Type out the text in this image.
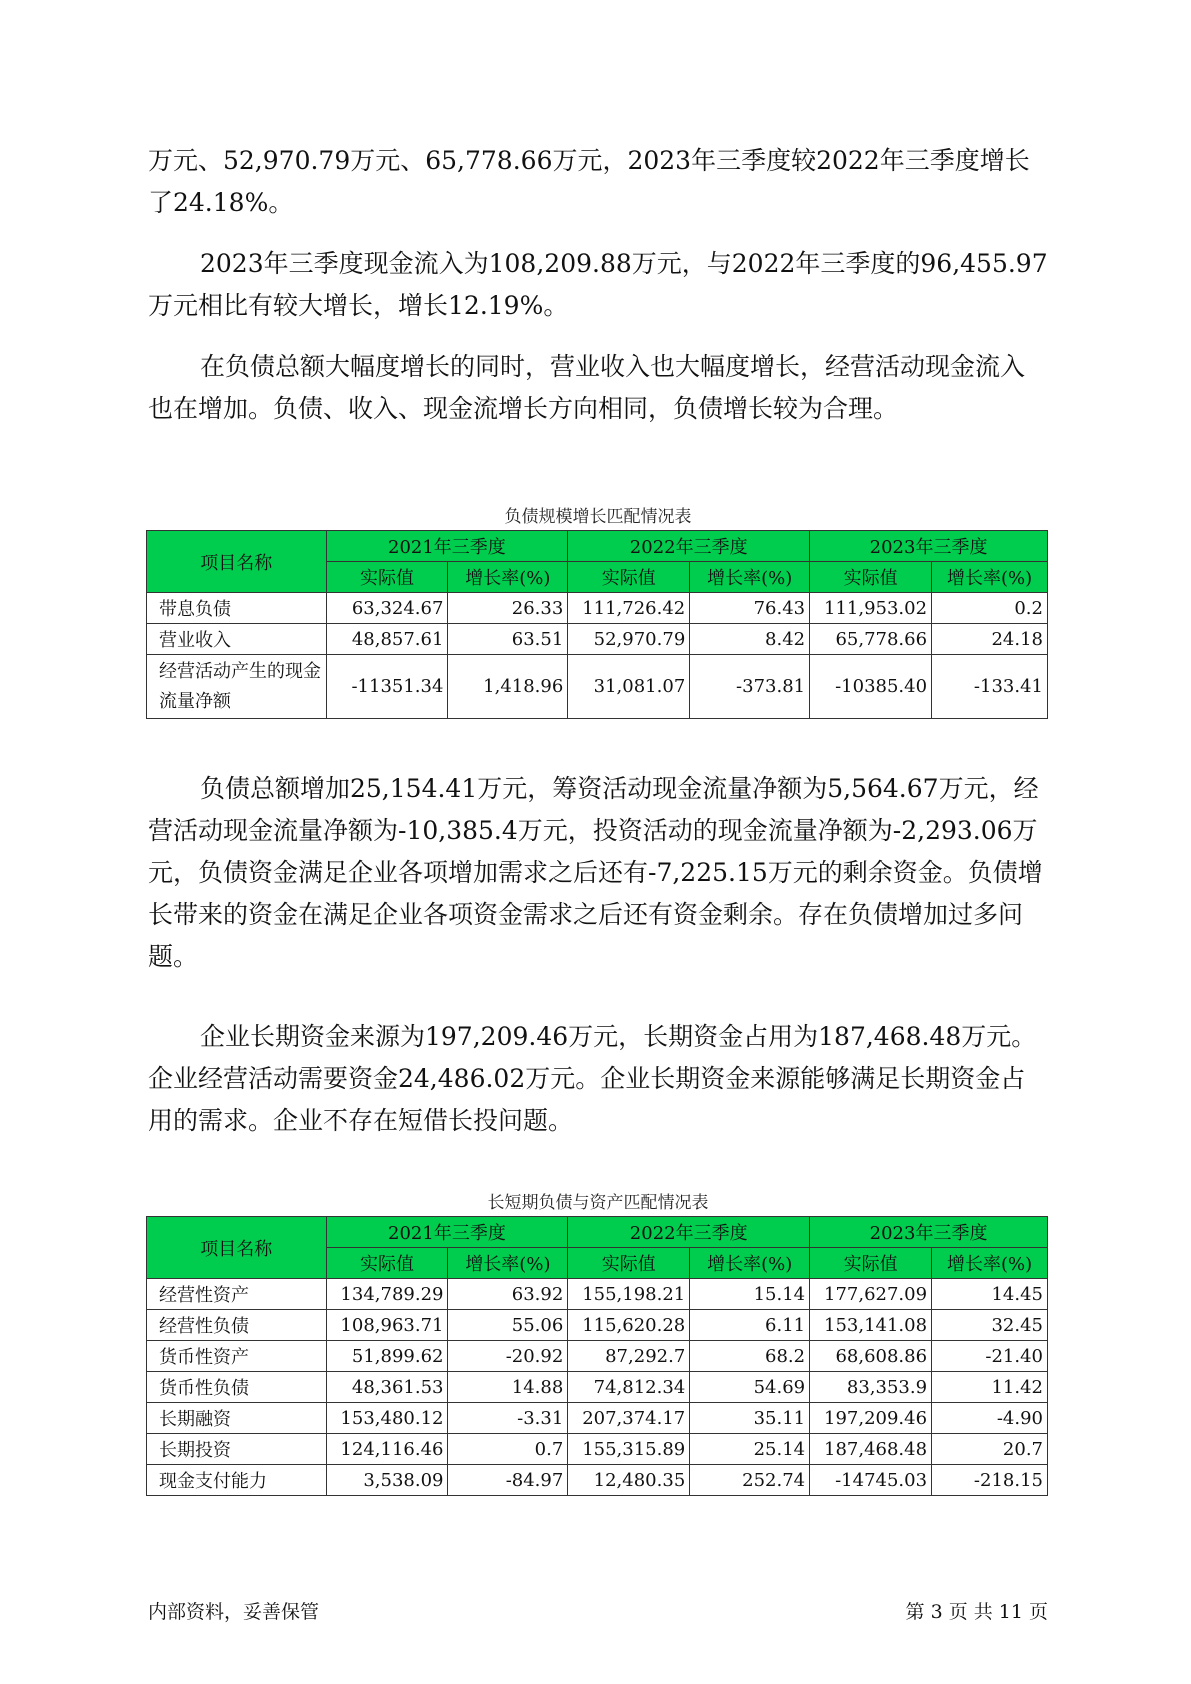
万元、52,970.79万元、65,778.66万元，2023年三季度较2022年三季度增长了24.18%。

2023年三季度现金流入为108,209.88万元，与2022年三季度的96,455.97万元相比有较大增长，增长12.19%。

在负债总额大幅度增长的同时，营业收入也大幅度增长，经营活动现金流入也在增加。负债、收入、现金流增长方向相同，负债增长较为合理。

负债规模增长匹配情况表
项目名称	2021年三季度		2022年三季度		2023年三季度	
	实际值	增长率(%)	实际值	增长率(%)	实际值	增长率(%)
带息负债	63,324.67	26.33	111,726.42	76.43	111,953.02	0.2
营业收入	48,857.61	63.51	52,970.79	8.42	65,778.66	24.18
经营活动产生的现金流量净额	-11351.34	1,418.96	31,081.07	-373.81	-10385.40	-133.41

负债总额增加25,154.41万元，筹资活动现金流量净额为5,564.67万元，经营活动现金流量净额为-10,385.4万元，投资活动的现金流量净额为-2,293.06万元，负债资金满足企业各项增加需求之后还有-7,225.15万元的剩余资金。负债增长带来的资金在满足企业各项资金需求之后还有资金剩余。存在负债增加过多问题。

企业长期资金来源为197,209.46万元，长期资金占用为187,468.48万元。企业经营活动需要资金24,486.02万元。企业长期资金来源能够满足长期资金占用的需求。企业不存在短借长投问题。

长短期负债与资产匹配情况表
项目名称	2021年三季度		2022年三季度		2023年三季度	
	实际值	增长率(%)	实际值	增长率(%)	实际值	增长率(%)
经营性资产	134,789.29	63.92	155,198.21	15.14	177,627.09	14.45
经营性负债	108,963.71	55.06	115,620.28	6.11	153,141.08	32.45
货币性资产	51,899.62	-20.92	87,292.7	68.2	68,608.86	-21.40
货币性负债	48,361.53	14.88	74,812.34	54.69	83,353.9	11.42
长期融资	153,480.12	-3.31	207,374.17	35.11	197,209.46	-4.90
长期投资	124,116.46	0.7	155,315.89	25.14	187,468.48	20.7
现金支付能力	3,538.09	-84.97	12,480.35	252.74	-14745.03	-218.15
内部资料，妥善保管	第 3 页 共 11 页
